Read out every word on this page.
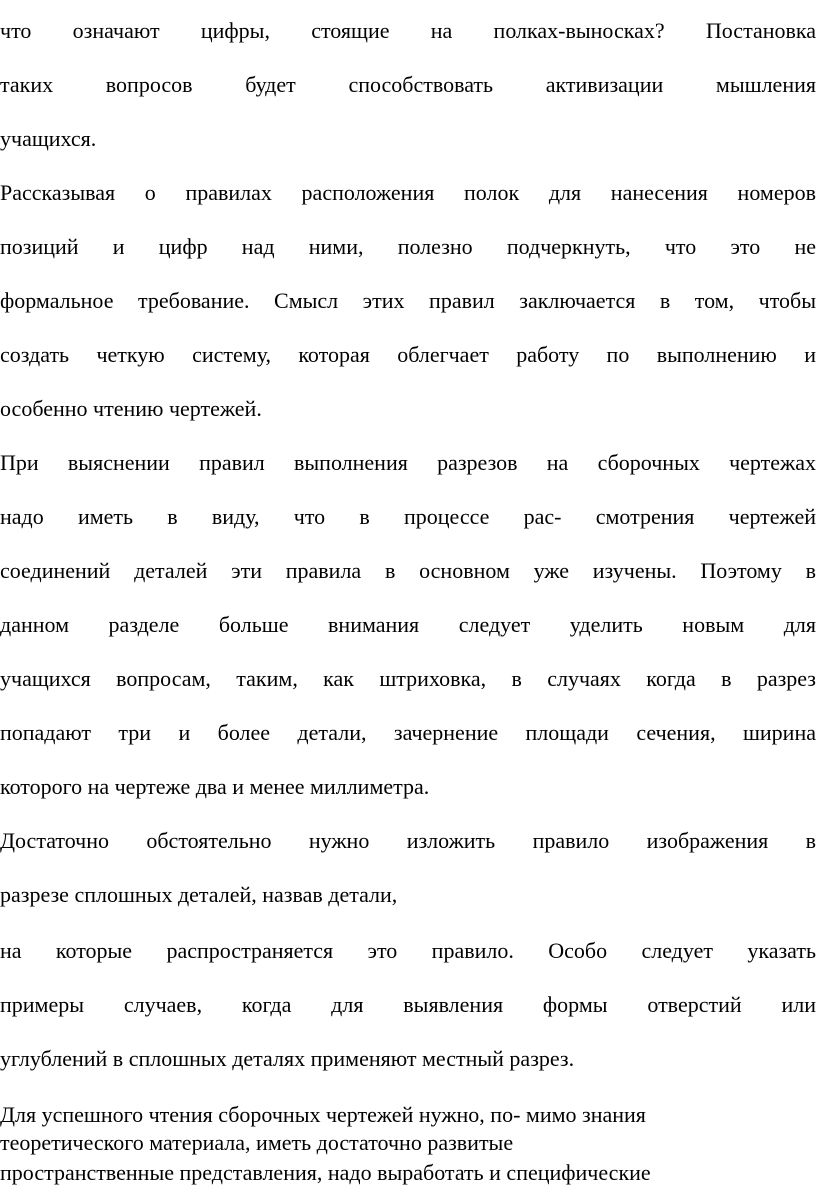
что означают цифры, стоящие на полках-выносках? Постановка
таких вопросов будет способствовать активизации мышления
учащихся.
Рассказывая о правилах расположения полок для нанесения номеров
позиций и цифр над ними, полезно подчеркнуть, что это не
формальное требование. Смысл этих правил заключается в том, чтобы
создать четкую систему, которая облегчает работу по выполнению и
особенно чтению чертежей.
При выяснении правил выполнения разрезов на сборочных чертежах
надо иметь в виду, что в процессе рас- смотрения чертежей
соединений деталей эти правила в основном уже изучены. Поэтому в
данном разделе больше внимания следует уделить новым для
учащихся вопросам, таким, как штриховка, в случаях когда в разрез
попадают три и более детали, зачернение площади сечения, ширина
которого на чертеже два и менее миллиметра.
Достаточно обстоятельно нужно изложить правило изображения в
разрезе сплошных деталей, назвав детали,
на которые распространяется это правило. Особо следует указать
примеры случаев, когда для выявления формы отверстий или
углублений в сплошных деталях применяют местный разрез.
Для успешного чтения сборочных чертежей нужно, по- мимо знания
теоретического материала, иметь достаточно развитые
пространственные представления, надо выработать и специфические
